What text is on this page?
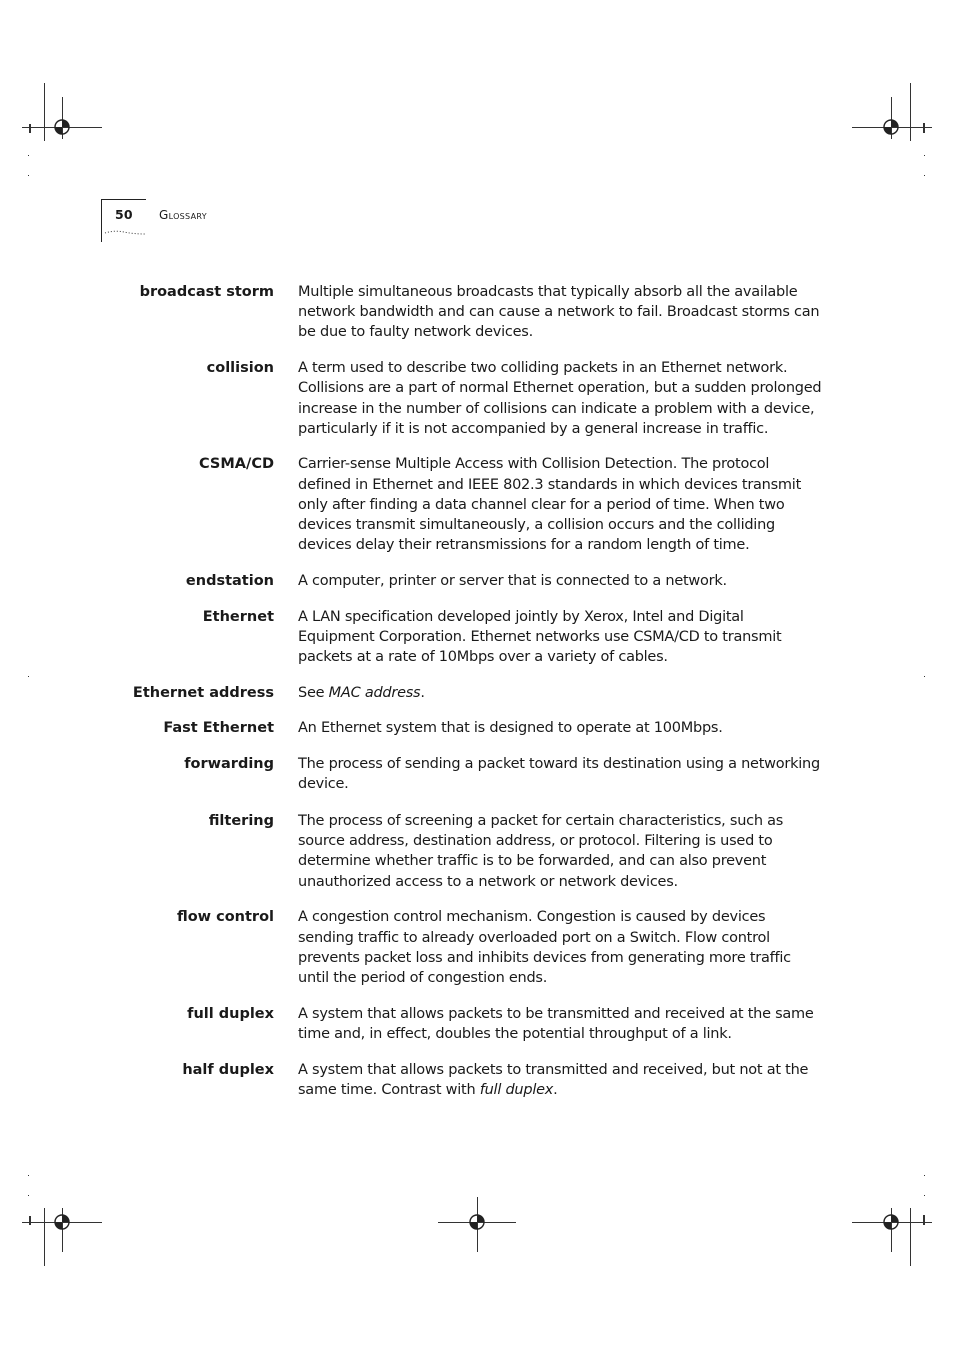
50 Glossary
broadcast storm Multiple simultaneous broadcasts that typically absorb all the available network bandwidth and can cause a network to fail. Broadcast storms can be due to faulty network devices.
collision A term used to describe two colliding packets in an Ethernet network. Collisions are a part of normal Ethernet operation, but a sudden prolonged increase in the number of collisions can indicate a problem with a device, particularly if it is not accompanied by a general increase in traffic.
CSMA/CD Carrier-sense Multiple Access with Collision Detection. The protocol defined in Ethernet and IEEE 802.3 standards in which devices transmit only after finding a data channel clear for a period of time. When two devices transmit simultaneously, a collision occurs and the colliding devices delay their retransmissions for a random length of time.
endstation A computer, printer or server that is connected to a network.
Ethernet A LAN specification developed jointly by Xerox, Intel and Digital Equipment Corporation. Ethernet networks use CSMA/CD to transmit packets at a rate of 10Mbps over a variety of cables.
Ethernet address See MAC address.
Fast Ethernet An Ethernet system that is designed to operate at 100Mbps.
forwarding The process of sending a packet toward its destination using a networking device.
filtering The process of screening a packet for certain characteristics, such as source address, destination address, or protocol. Filtering is used to determine whether traffic is to be forwarded, and can also prevent unauthorized access to a network or network devices.
flow control A congestion control mechanism. Congestion is caused by devices sending traffic to already overloaded port on a Switch. Flow control prevents packet loss and inhibits devices from generating more traffic until the period of congestion ends.
full duplex A system that allows packets to be transmitted and received at the same time and, in effect, doubles the potential throughput of a link.
half duplex A system that allows packets to transmitted and received, but not at the same time. Contrast with full duplex.
